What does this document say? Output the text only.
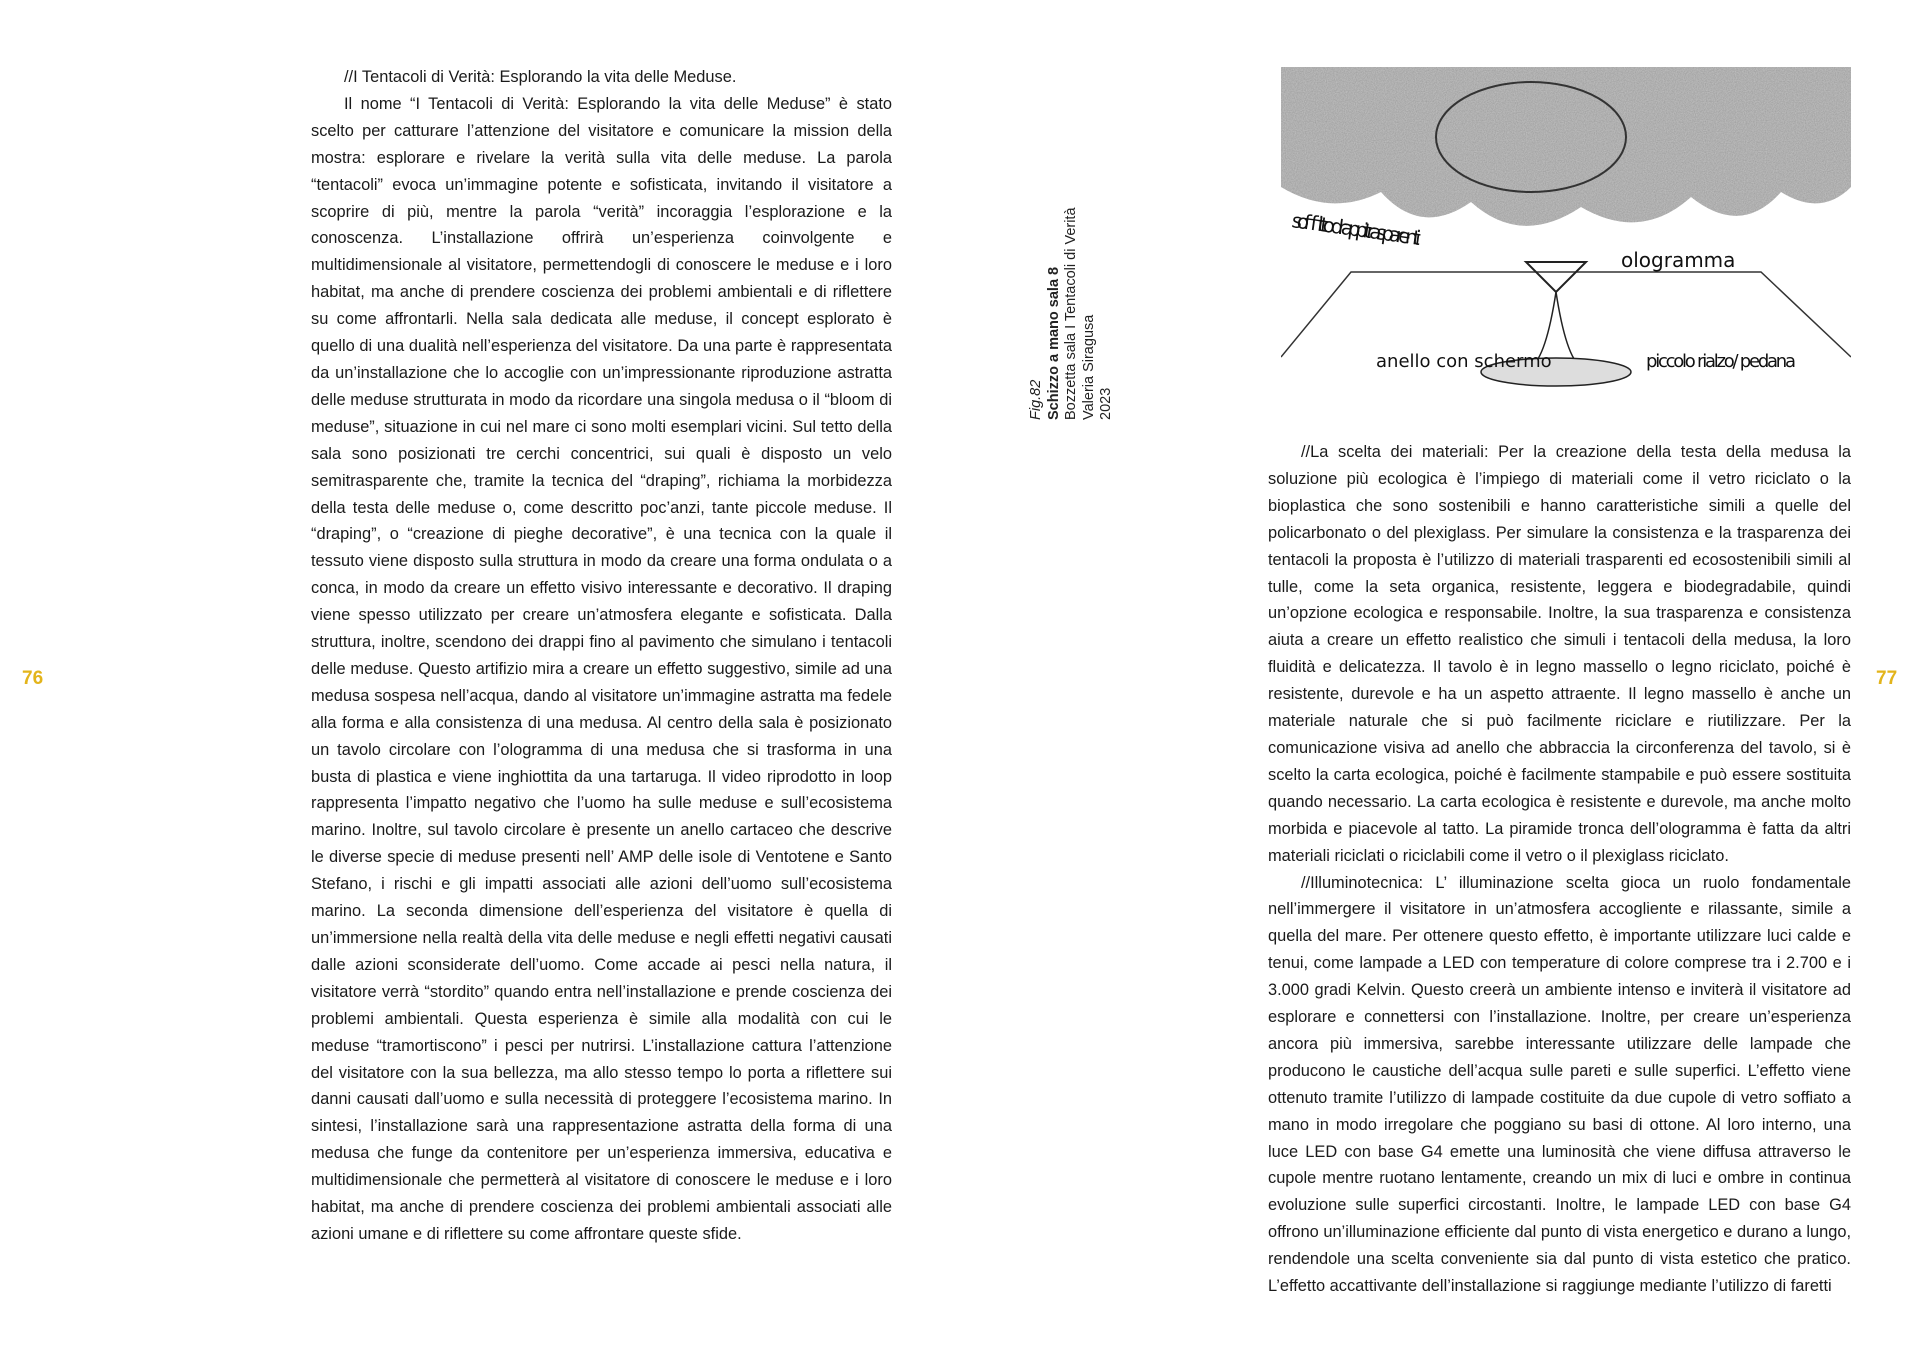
76	77

//I Tentacoli di Verità: Esplorando la vita delle Meduse.

Il nome “I Tentacoli di Verità: Esplorando la vita delle Meduse” è stato scelto per catturare l’attenzione del visitatore e comunicare la mission della mostra: esplorare e rivelare la verità sulla vita delle meduse. La parola “tentacoli” evoca un’immagine potente e sofisticata, invitando il visitatore a scoprire di più, mentre la parola “verità” incoraggia l’esplorazione e la conoscenza. L’installazione offrirà un’esperienza coinvolgente e multidimensionale al visitatore, permettendogli di conoscere le meduse e i loro habitat, ma anche di prendere coscienza dei problemi ambientali e di riflettere su come affrontarli. Nella sala dedicata alle meduse, il concept esplorato è quello di una dualità nell’esperienza del visitatore. Da una parte è rappresentata da un’installazione che lo accoglie con un’impressionante riproduzione astratta delle meduse strutturata in modo da ricordare una singola medusa o il “bloom di meduse”, situazione in cui nel mare ci sono molti esemplari vicini. Sul tetto della sala sono posizionati tre cerchi concentrici, sui quali è disposto un velo semitrasparente che, tramite la tecnica del “draping”, richiama la morbidezza della testa delle meduse o, come descritto poc’anzi, tante piccole meduse. Il “draping”, o “creazione di pieghe decorative”, è una tecnica con la quale il tessuto viene disposto sulla struttura in modo da creare una forma ondulata o a conca, in modo da creare un effetto visivo interessante e decorativo. Il draping viene spesso utilizzato per creare un’atmosfera elegante e sofisticata. Dalla struttura, inoltre, scendono dei drappi fino al pavimento che simulano i tentacoli delle meduse. Questo artifizio mira a creare un effetto suggestivo, simile ad una medusa sospesa nell’acqua, dando al visitatore un’immagine astratta ma fedele alla forma e alla consistenza di una medusa. Al centro della sala è posizionato un tavolo circolare con l’ologramma di una medusa che si trasforma in una busta di plastica e viene inghiottita da una tartaruga. Il video riprodotto in loop rappresenta l’impatto negativo che l’uomo ha sulle meduse e sull’ecosistema marino. Inoltre, sul tavolo circolare è presente un anello cartaceo che descrive le diverse specie di meduse presenti nell’ AMP delle isole di Ventotene e Santo Stefano, i rischi e gli impatti associati alle azioni dell’uomo sull’ecosistema marino. La seconda dimensione dell’esperienza del visitatore è quella di un’immersione nella realtà della vita delle meduse e negli effetti negativi causati dalle azioni sconsiderate dell’uomo. Come accade ai pesci nella natura, il visitatore verrà “stordito” quando entra nell’installazione e prende coscienza dei problemi ambientali. Questa esperienza è simile alla modalità con cui le meduse “tramortiscono” i pesci per nutrirsi. L’installazione cattura l’attenzione del visitatore con la sua bellezza, ma allo stesso tempo lo porta a riflettere sui danni causati dall’uomo e sulla necessità di proteggere l’ecosistema marino. In sintesi, l’installazione sarà una rappresentazione astratta della forma di una medusa che funge da contenitore per un’esperienza immersiva, educativa e multidimensionale che permetterà al visitatore di conoscere le meduse e i loro habitat, ma anche di prendere coscienza dei problemi ambientali associati alle azioni umane e di riflettere su come affrontare queste sfide.

Fig.82 Schizzo a mano sala 8 Bozzetta sala I Tentacoli di Verità Valeria Siragusa 2023
soffitto drappi trasparenti
ologramma
anello con schermo	piccolo rialzo/ pedana

//La scelta dei materiali: Per la creazione della testa della medusa la soluzione più ecologica è l’impiego di materiali come il vetro riciclato o la bioplastica che sono sostenibili e hanno caratteristiche simili a quelle del policarbonato o del plexiglass. Per simulare la consistenza e la trasparenza dei tentacoli la proposta è l’utilizzo di materiali trasparenti ed ecosostenibili simili al tulle, come la seta organica, resistente, leggera e biodegradabile, quindi un’opzione ecologica e responsabile. Inoltre, la sua trasparenza e consistenza aiuta a creare un effetto realistico che simuli i tentacoli della medusa, la loro fluidità e delicatezza. Il tavolo è in legno massello o legno riciclato, poiché è resistente, durevole e ha un aspetto attraente. Il legno massello è anche un materiale naturale che si può facilmente riciclare e riutilizzare. Per la comunicazione visiva ad anello che abbraccia la circonferenza del tavolo, si è scelto la carta ecologica, poiché è facilmente stampabile e può essere sostituita quando necessario. La carta ecologica è resistente e durevole, ma anche molto morbida e piacevole al tatto. La piramide tronca dell’ologramma è fatta da altri materiali riciclati o riciclabili come il vetro o il plexiglass riciclato.

//Illuminotecnica: L’ illuminazione scelta gioca un ruolo fondamentale nell’immergere il visitatore in un’atmosfera accogliente e rilassante, simile a quella del mare. Per ottenere questo effetto, è importante utilizzare luci calde e tenui, come lampade a LED con temperature di colore comprese tra i 2.700 e i 3.000 gradi Kelvin. Questo creerà un ambiente intenso e inviterà il visitatore ad esplorare e connettersi con l’installazione. Inoltre, per creare un’esperienza ancora più immersiva, sarebbe interessante utilizzare delle lampade che producono le caustiche dell’acqua sulle pareti e sulle superfici. L’effetto viene ottenuto tramite l’utilizzo di lampade costituite da due cupole di vetro soffiato a mano in modo irregolare che poggiano su basi di ottone. Al loro interno, una luce LED con base G4 emette una luminosità che viene diffusa attraverso le cupole mentre ruotano lentamente, creando un mix di luci e ombre in continua evoluzione sulle superfici circostanti. Inoltre, le lampade LED con base G4 offrono un’illuminazione efficiente dal punto di vista energetico e durano a lungo, rendendole una scelta conveniente sia dal punto di vista estetico che pratico. L’effetto accattivante dell’installazione si raggiunge mediante l’utilizzo di faretti
